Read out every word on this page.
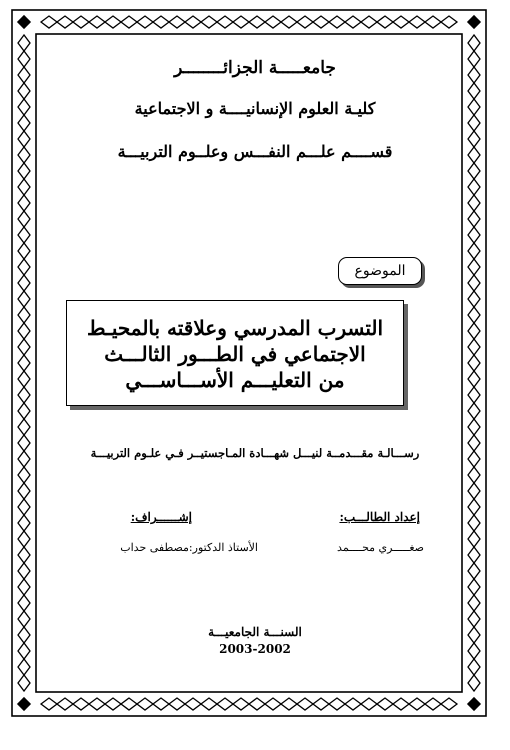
جامعـــــة الجزائــــــــر
كليـة العلوم الإنسانيــــة و الاجتماعية
قســــم علـــم النفـــس وعلــوم التربيـــة
الموضوع
التسرب المدرسي وعلاقته بالمحيـط
الاجتماعي في الطـــور الثالـــث
من التعليـــم الأســـاســـي
رســـالـة مقـــدمــة لنيـــل شهـــادة المـاجستيــر فـي علـوم التربيـــة
إعداد الطالـــب:
إشــــــراف:
صغـــــري محــــمد
الأستاذ الدكتور:مصطفى حداب
السنـــة الجامعيـــة
2003-2002
